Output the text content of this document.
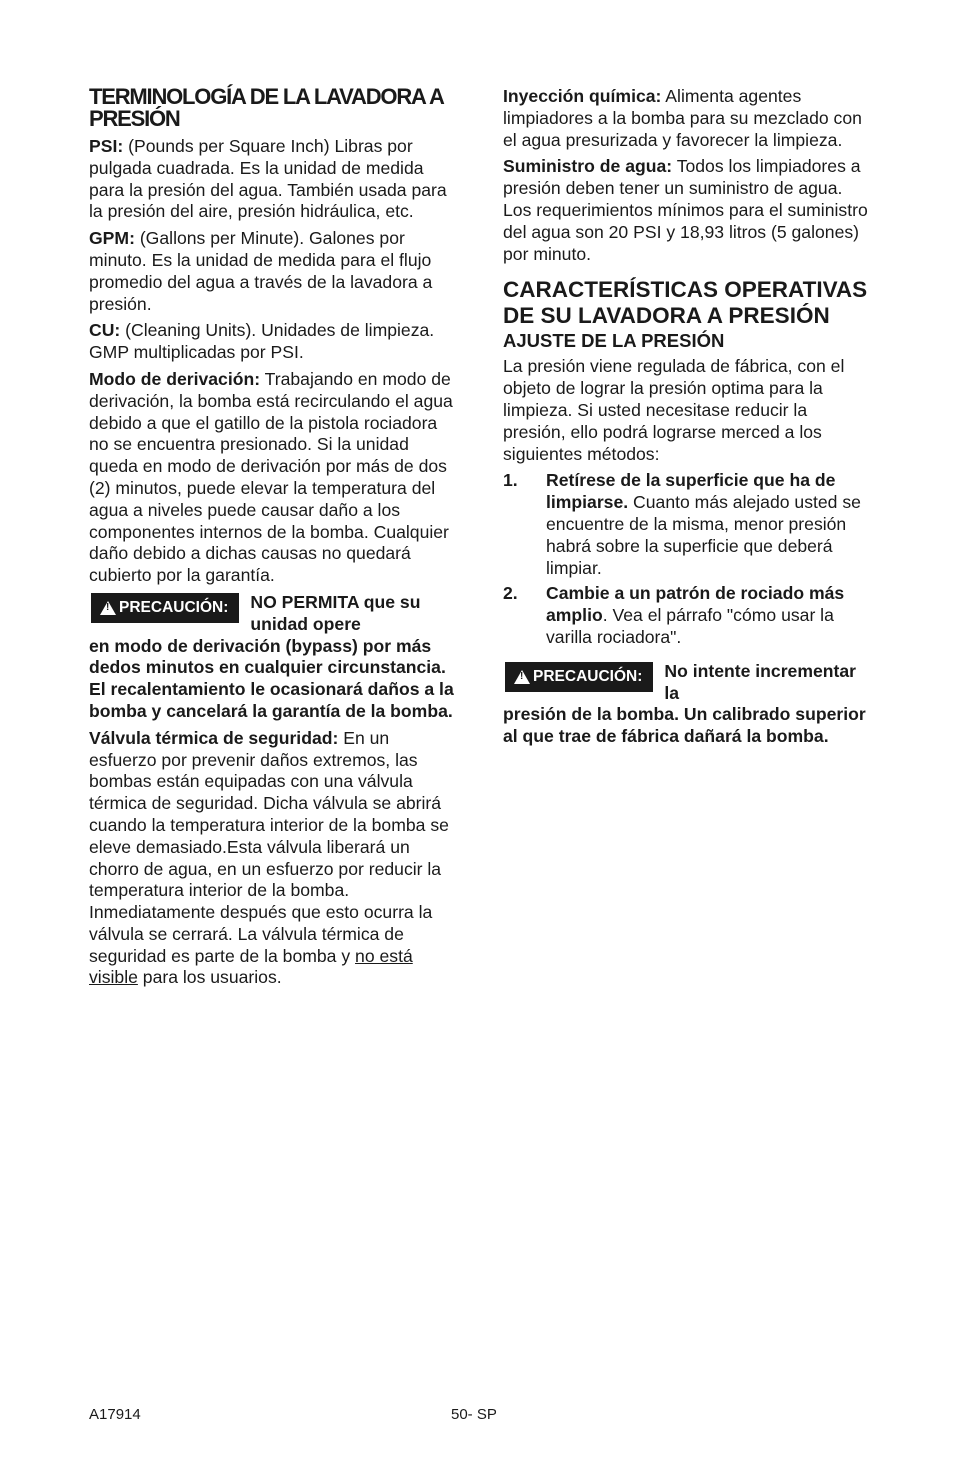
TERMINOLOGÍA DE LA LAVADORA A PRESIÓN

PSI: (Pounds per Square Inch) Libras por pulgada cuadrada. Es la unidad de medida para la presión del agua. También usada para la presión del aire, presión hidráulica, etc.

GPM: (Gallons per Minute). Galones por minuto. Es la unidad de medida para el flujo promedio del agua a través de la lavadora a presión.

CU: (Cleaning Units). Unidades de limpieza. GMP multiplicadas por PSI.

Modo de derivación: Trabajando en modo de derivación, la bomba está recirculando el agua debido a que el gatillo de la pistola rociadora no se encuentra presionado. Si la unidad queda en modo de derivación por más de dos (2) minutos, puede elevar la temperatura del agua a niveles puede causar daño a los componentes internos de la bomba. Cualquier daño debido a dichas causas no quedará cubierto por la garantía.

!
PRECAUCIÓN: NO PERMITA que su unidad opere
en modo de derivación (bypass) por más dedos minutos en cualquier circunstancia. El recalentamiento le ocasionará daños a la bomba y cancelará la garantía de la bomba.

Válvula térmica de seguridad: En un esfuerzo por prevenir daños extremos, las bombas están equipadas con una válvula térmica de seguridad. Dicha válvula se abrirá cuando la temperatura interior de la bomba se eleve demasiado.Esta válvula liberará un chorro de agua, en un esfuerzo por reducir la temperatura interior de la bomba. Inmediatamente después que esto ocurra la válvula se cerrará. La válvula térmica de seguridad es parte de la bomba y no está visible para los usuarios.

Inyección química: Alimenta agentes limpiadores a la bomba para su mezclado con el agua presurizada y favorecer la limpieza.

Suministro de agua: Todos los limpiadores a presión deben tener un suministro de agua. Los requerimientos mínimos para el suministro del agua son 20 PSI y 18,93 litros (5 galones) por minuto.

CARACTERÍSTICAS OPERATIVAS DE SU LAVADORA A PRESIÓN
AJUSTE DE LA PRESIÓN

La presión viene regulada de fábrica, con el objeto de lograr la presión optima para la limpieza. Si usted necesitase reducir la presión, ello podrá lograrse merced a los siguientes métodos:

1.	Retírese de la superficie que ha de limpiarse. Cuanto más alejado usted se encuentre de la misma, menor presión habrá sobre la superficie que deberá limpiar.
2.	Cambie a un patrón de rociado más amplio. Vea el párrafo "cómo usar la varilla rociadora".
!
PRECAUCIÓN: No intente incrementar la
presión de la bomba. Un calibrado superior al que trae de fábrica dañará la bomba.
A17914	50- SP
